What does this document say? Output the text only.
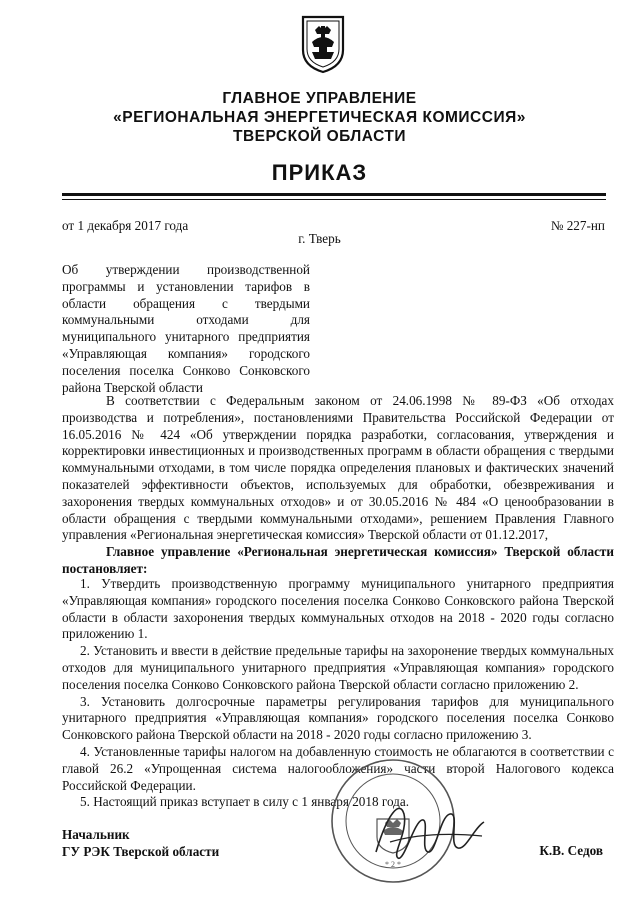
ГЛАВНОЕ УПРАВЛЕНИЕ
«РЕГИОНАЛЬНАЯ ЭНЕРГЕТИЧЕСКАЯ КОМИССИЯ»
ТВЕРСКОЙ ОБЛАСТИ
ПРИКАЗ
от 1 декабря 2017 года	№ 227-нп
г. Тверь
Об утверждении производственной программы и установлении тарифов в области обращения с твердыми коммунальными отходами для муниципального унитарного предприятия «Управляющая компания» городского поселения поселка Сонково Сонковского района Тверской области
В соответствии с Федеральным законом от 24.06.1998 № 89-ФЗ «Об отходах производства и потребления», постановлениями Правительства Российской Федерации от 16.05.2016 № 424 «Об утверждении порядка разработки, согласования, утверждения и корректировки инвестиционных и производственных программ в области обращения с твердыми коммунальными отходами, в том числе порядка определения плановых и фактических значений показателей эффективности объектов, используемых для обработки, обезвреживания и захоронения твердых коммунальных отходов» и от 30.05.2016 № 484 «О ценообразовании в области обращения с твердыми коммунальными отходами», решением Правления Главного управления «Региональная энергетическая комиссия» Тверской области от 01.12.2017,
Главное управление «Региональная энергетическая комиссия» Тверской области постановляет:
1. Утвердить производственную программу муниципального унитарного предприятия «Управляющая компания» городского поселения поселка Сонково Сонковского района Тверской области в области захоронения твердых коммунальных отходов на 2018 - 2020 годы согласно приложению 1.
2. Установить и ввести в действие предельные тарифы на захоронение твердых коммунальных отходов для муниципального унитарного предприятия «Управляющая компания» городского поселения поселка Сонково Сонковского района Тверской области согласно приложению 2.
3. Установить долгосрочные параметры регулирования тарифов для муниципального унитарного предприятия «Управляющая компания» городского поселения поселка Сонково Сонковского района Тверской области на 2018 - 2020 годы согласно приложению 3.
4. Установленные тарифы налогом на добавленную стоимость не облагаются в соответствии с главой 26.2 «Упрощенная система налогообложения» части второй Налогового кодекса Российской Федерации.
5. Настоящий приказ вступает в силу с 1 января 2018 года.
* 2 *
Начальник
ГУ РЭК Тверской области	К.В. Седов
